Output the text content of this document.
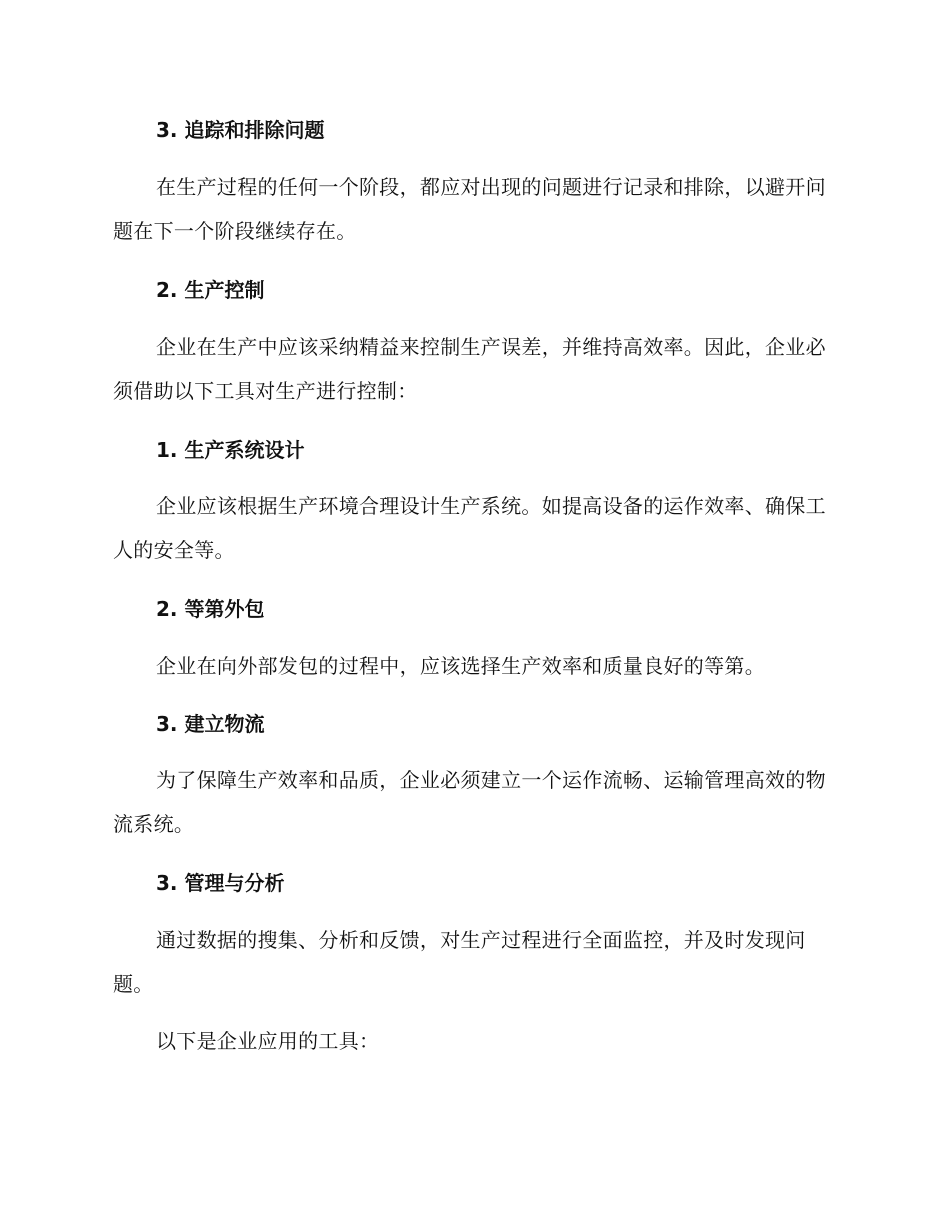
3. 追踪和排除问题
在生产过程的任何一个阶段，都应对出现的问题进行记录和排除，以避开问题在下一个阶段继续存在。
2. 生产控制
企业在生产中应该采纳精益来控制生产误差，并维持高效率。因此，企业必须借助以下工具对生产进行控制：
1. 生产系统设计
企业应该根据生产环境合理设计生产系统。如提高设备的运作效率、确保工人的安全等。
2. 等第外包
企业在向外部发包的过程中，应该选择生产效率和质量良好的等第。
3. 建立物流
为了保障生产效率和品质，企业必须建立一个运作流畅、运输管理高效的物流系统。
3. 管理与分析
通过数据的搜集、分析和反馈，对生产过程进行全面监控，并及时发现问题。
以下是企业应用的工具：
